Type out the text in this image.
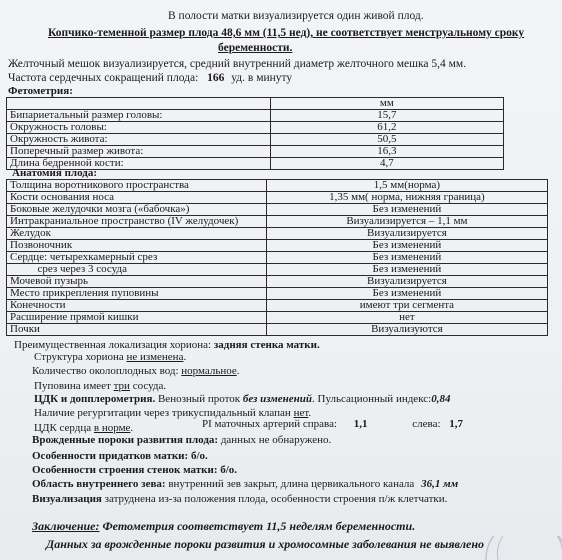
В полости матки визуализируется один живой плод.
Копчико-теменной размер плода 48,6 мм (11,5 нед), не соответствует менструальному сроку
беременности.
Желточный мешок визуализируется, средний внутренний диаметр желточного мешка 5,4 мм.
Частота сердечных сокращений плода: 166 уд. в минуту
Фетометрия:
	мм
Бипариетальный размер головы:	15,7
Окружность головы:	61,2
Окружность живота:	50,5
Поперечный размер живота:	16,3
Длина бедренной кости:	4,7
Анатомия плода:
Толщина воротникового пространства	1,5 мм(норма)
Кости основания носа	1,35 мм( норма, нижняя граница)
Боковые желудочки мозга («бабочка»)	Без изменений
Интракраниальное пространство (IV желудочек)	Визуализируется – 1,1 мм
Желудок	Визуализируется
Позвоночник	Без изменений
Сердце: четырехкамерный срез	Без изменений
срез через 3 сосуда	Без изменений
Мочевой пузырь	Визуализируется
Место прикрепления пуповины	Без изменений
Конечности	имеют три сегмента
Расширение прямой кишки	нет
Почки	Визуализуются
Преимущественная локализация хориона: задняя стенка матки.
Структура хориона не изменена.
Количество околоплодных вод: нормальное.
Пуповина имеет три сосуда.
ЦДК и допплерометрия. Венозный проток без изменений. Пульсационный индекс:0,84
Наличие регургитации через трикуспидальный клапан нет.
PI маточных артерий справа: 1,1	слева: 1,7
ЦДК сердца в норме.
Врожденные пороки развития плода: данных не обнаружено.
Особенности придатков матки: б/о.
Особенности строения стенок матки: б/о.
Область внутреннего зева: внутренний зев закрыт, длина цервикального канала 36,1 мм
Визуализация затруднена из-за положения плода, особенности строения п/ж клетчатки.
Заключение: Фетометрия соответствует 11,5 неделям беременности.
Данных за врожденные пороки развития и хромосомные заболевания не выявлено
